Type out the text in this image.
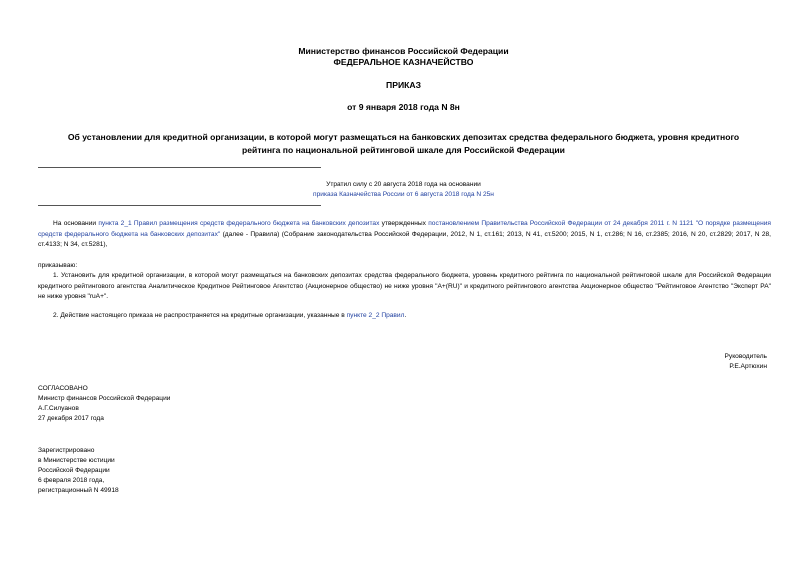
Министерство финансов Российской Федерации
ФЕДЕРАЛЬНОЕ КАЗНАЧЕЙСТВО
ПРИКАЗ
от 9 января 2018 года N 8н
Об установлении для кредитной организации, в которой могут размещаться на банковских депозитах средства федерального бюджета, уровня кредитного
рейтинга по национальной рейтинговой шкале для Российской Федерации
Утратил силу с 20 августа 2018 года на основании
приказа Казначейства России от 6 августа 2018 года N 25н
На основании пункта 2_1 Правил размещения средств федерального бюджета на банковских депозитах утвержденных постановлением Правительства Российской Федерации от 24 декабря 2011 г. N 1121 "О порядке размещения средств федерального бюджета на банковских депозитах" (далее - Правила) (Собрание законодательства Российской Федерации, 2012, N 1, ст.161; 2013, N 41, ст.5200; 2015, N 1, ст.286; N 16, ст.2385; 2016, N 20, ст.2829; 2017, N 28, ст.4133; N 34, ст.5281),
приказываю:
1. Установить для кредитной организации, в которой могут размещаться на банковских депозитах средства федерального бюджета, уровень кредитного рейтинга по национальной рейтинговой шкале для Российской Федерации кредитного рейтингового агентства Аналитическое Кредитное Рейтинговое Агентство (Акционерное общество) не ниже уровня "А+(RU)" и кредитного рейтингового агентства Акционерное общество "Рейтинговое Агентство "Эксперт РА" не ниже уровня "ruA+".
2. Действие настоящего приказа не распространяется на кредитные организации, указанные в пункте 2_2 Правил.
Руководитель
Р.Е.Артюхин
СОГЛАСОВАНО
Министр финансов Российской Федерации
А.Г.Силуанов
27 декабря 2017 года
Зарегистрировано
в Министерстве юстиции
Российской Федерации
6 февраля 2018 года,
регистрационный N 49918
